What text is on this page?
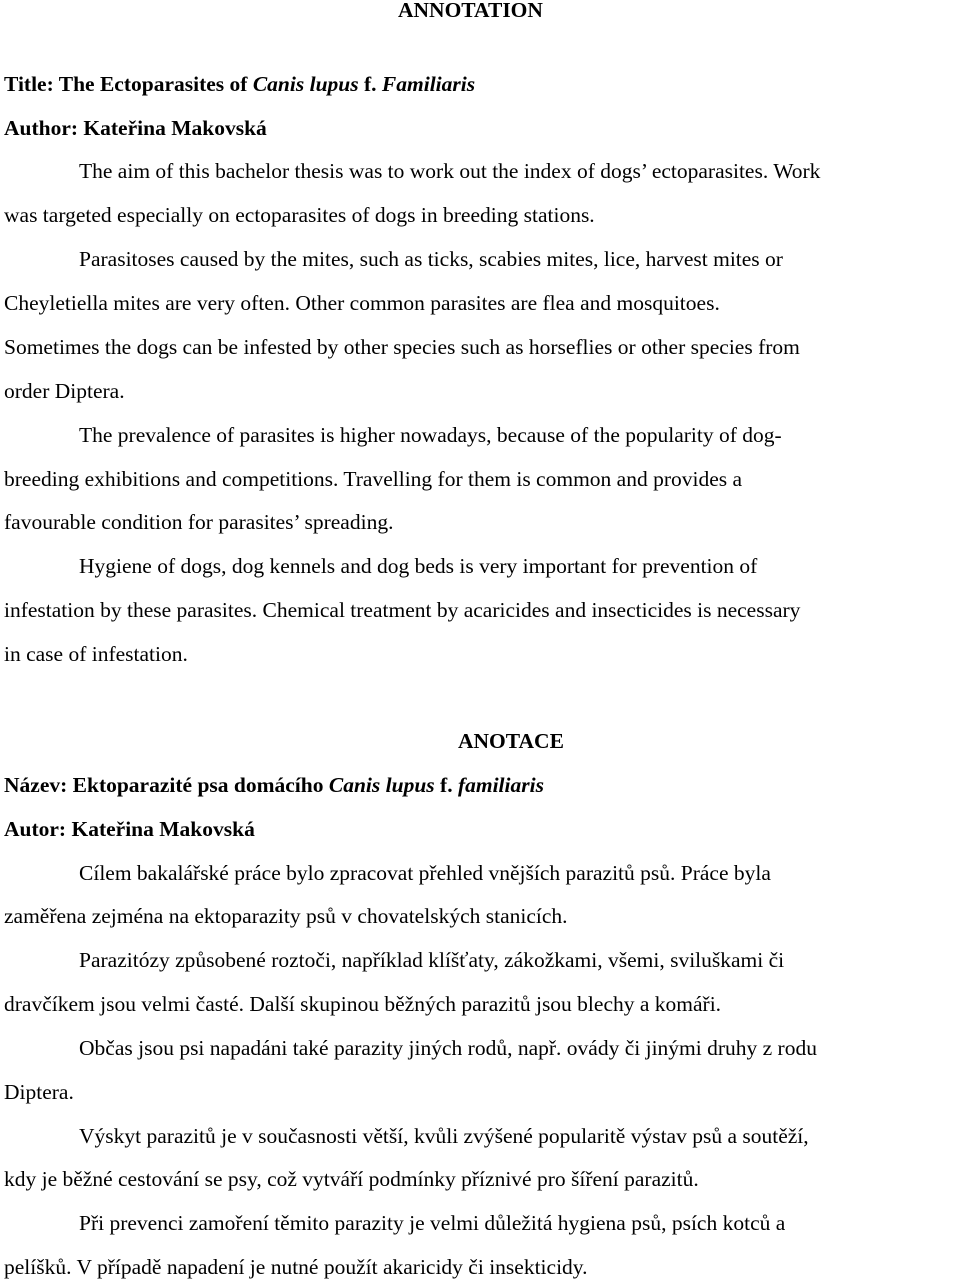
ANNOTATION
Title: The Ectoparasites of Canis lupus f. Familiaris
Author: Kateřina Makovská
The aim of this bachelor thesis was to work out the index of dogs’ ectoparasites. Work
was targeted especially on ectoparasites of dogs in breeding stations.
Parasitoses caused by the mites, such as ticks, scabies mites, lice, harvest mites or
Cheyletiella mites are very often. Other common parasites are flea and mosquitoes.
Sometimes the dogs can be infested by other species such as horseflies or other species from
order Diptera.
The prevalence of parasites is higher nowadays, because of the popularity of dog-
breeding exhibitions and competitions. Travelling for them is common and provides a
favourable condition for parasites’ spreading.
Hygiene of dogs, dog kennels and dog beds is very important for prevention of
infestation by these parasites. Chemical treatment by acaricides and insecticides is necessary
in case of infestation.
ANOTACE
Název: Ektoparazité psa domácího Canis lupus f. familiaris
Autor: Kateřina Makovská
Cílem bakalářské práce bylo zpracovat přehled vnějších parazitů psů. Práce byla
zaměřena zejména na ektoparazity psů v chovatelských stanicích.
Parazitózy způsobené roztoči, například klíšťaty, zákožkami, všemi, sviluškami či
dravčíkem jsou velmi časté. Další skupinou běžných parazitů jsou blechy a komáři.
Občas jsou psi napadáni také parazity jiných rodů, např. ovády či jinými druhy z rodu
Diptera.
Výskyt parazitů je v současnosti větší, kvůli zvýšené popularitě výstav psů a soutěží,
kdy je běžné cestování se psy, což vytváří podmínky příznivé pro šíření parazitů.
Při prevenci zamoření těmito parazity je velmi důležitá hygiena psů, psích kotců a
pelíšků. V případě napadení je nutné použít akaricidy či insekticidy.
